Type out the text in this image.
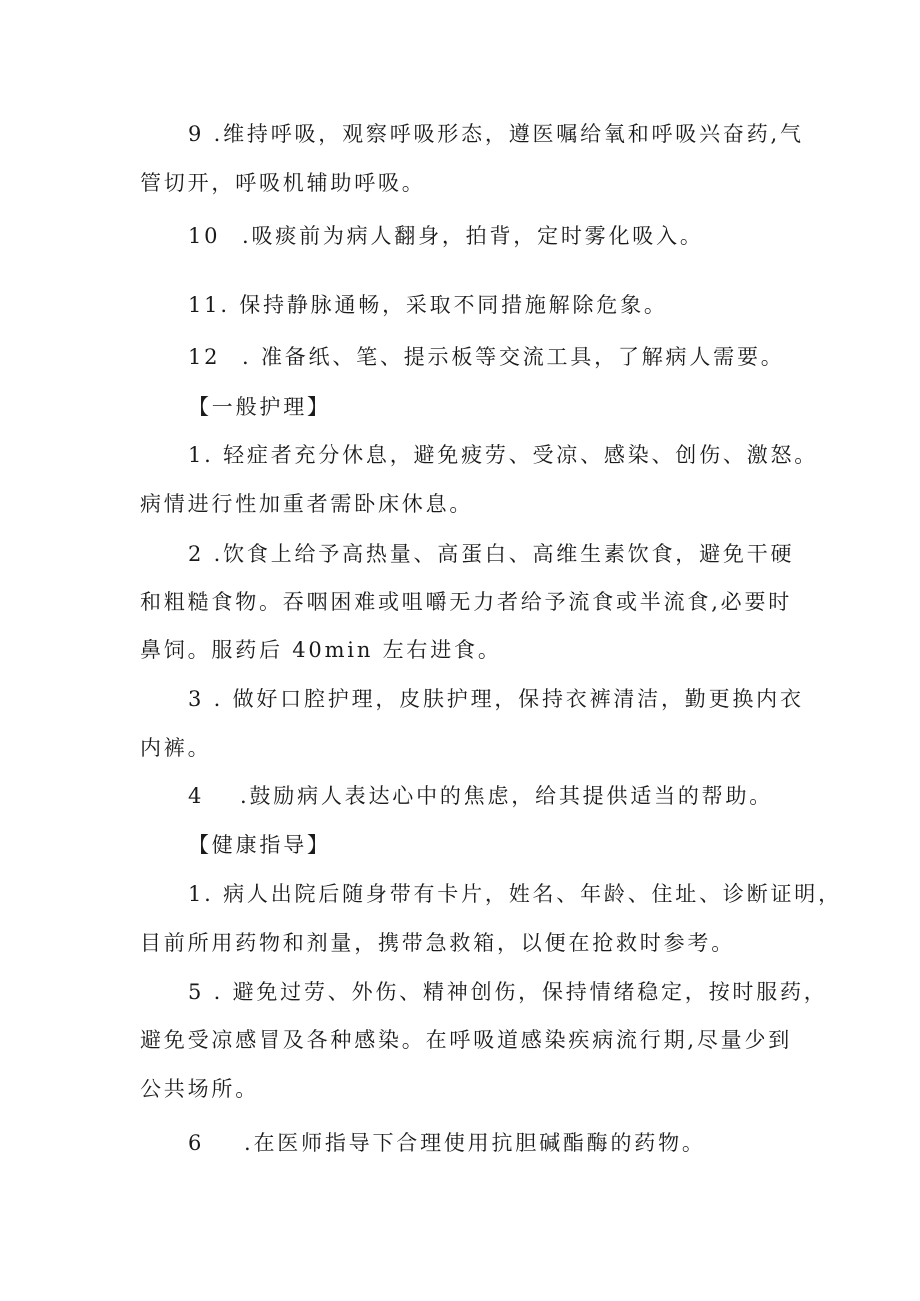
9 .维持呼吸，观察呼吸形态，遵医嘱给氧和呼吸兴奋药,气

管切开，呼吸机辅助呼吸。

10 .吸痰前为病人翻身，拍背，定时雾化吸入。

11. 保持静脉通畅，采取不同措施解除危象。

12 . 准备纸、笔、提示板等交流工具，了解病人需要。

【一般护理】

1. 轻症者充分休息，避免疲劳、受凉、感染、创伤、激怒。

病情进行性加重者需卧床休息。

2 .饮食上给予高热量、高蛋白、高维生素饮食，避免干硬

和粗糙食物。吞咽困难或咀嚼无力者给予流食或半流食,必要时

鼻饲。服药后 40min 左右进食。

3 . 做好口腔护理，皮肤护理，保持衣裤清洁，勤更换内衣

内裤。

4 .鼓励病人表达心中的焦虑，给其提供适当的帮助。

【健康指导】

1. 病人出院后随身带有卡片，姓名、年龄、住址、诊断证明，

目前所用药物和剂量，携带急救箱，以便在抢救时参考。

5 . 避免过劳、外伤、精神创伤，保持情绪稳定，按时服药，

避免受凉感冒及各种感染。在呼吸道感染疾病流行期,尽量少到

公共场所。

6 .在医师指导下合理使用抗胆碱酯酶的药物。
